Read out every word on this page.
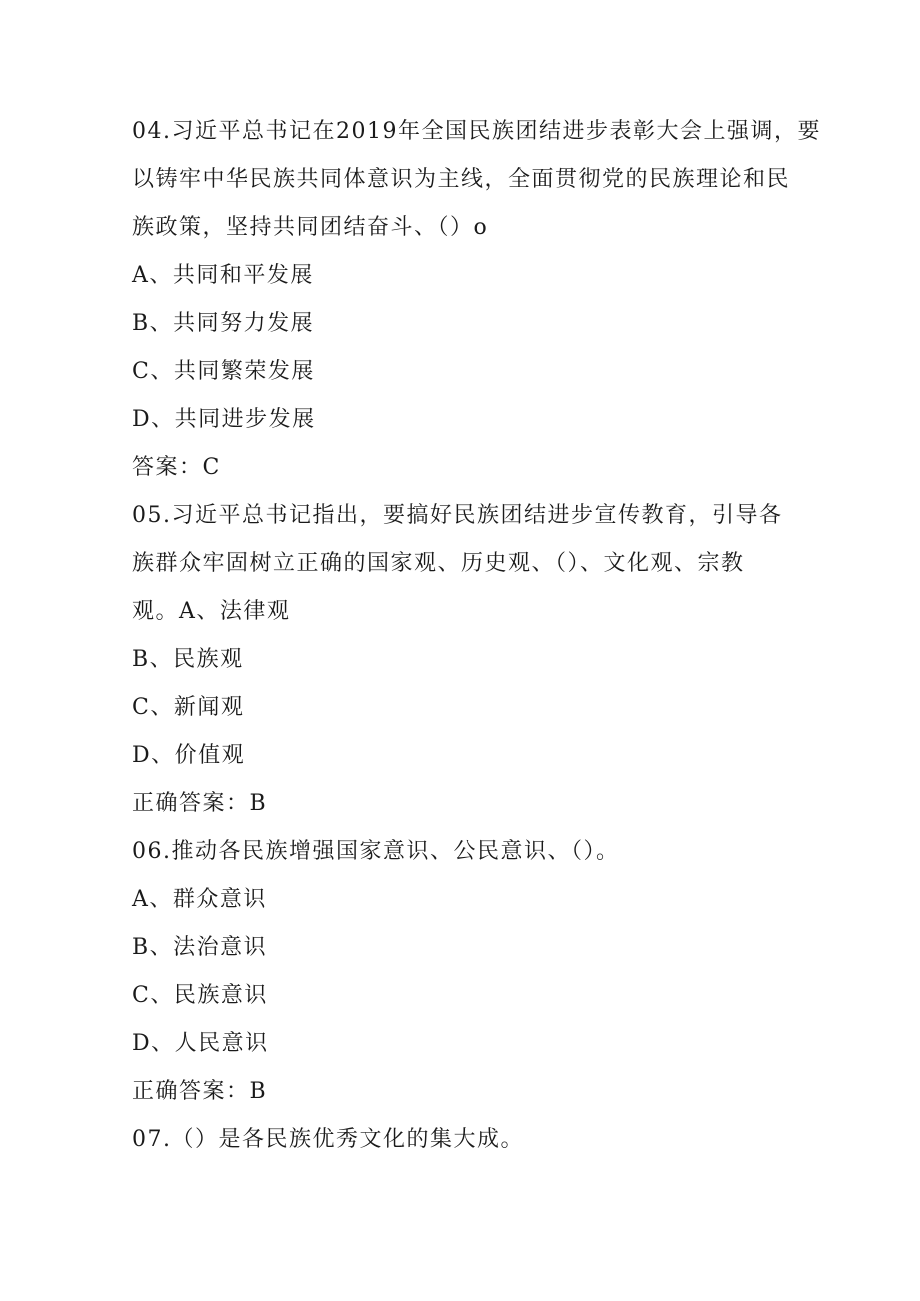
04.习近平总书记在2019年全国民族团结进步表彰大会上强调，要
以铸牢中华民族共同体意识为主线，全面贯彻党的民族理论和民
族政策，坚持共同团结奋斗、（）o
A、共同和平发展
B、共同努力发展
C、共同繁荣发展
D、共同进步发展
答案：C
05.习近平总书记指出，要搞好民族团结进步宣传教育，引导各
族群众牢固树立正确的国家观、历史观、（）、文化观、宗教
观。A、法律观
B、民族观
C、新闻观
D、价值观
正确答案：B
06.推动各民族增强国家意识、公民意识、（）。
A、群众意识
B、法治意识
C、民族意识
D、人民意识
正确答案：B
07.（）是各民族优秀文化的集大成。
